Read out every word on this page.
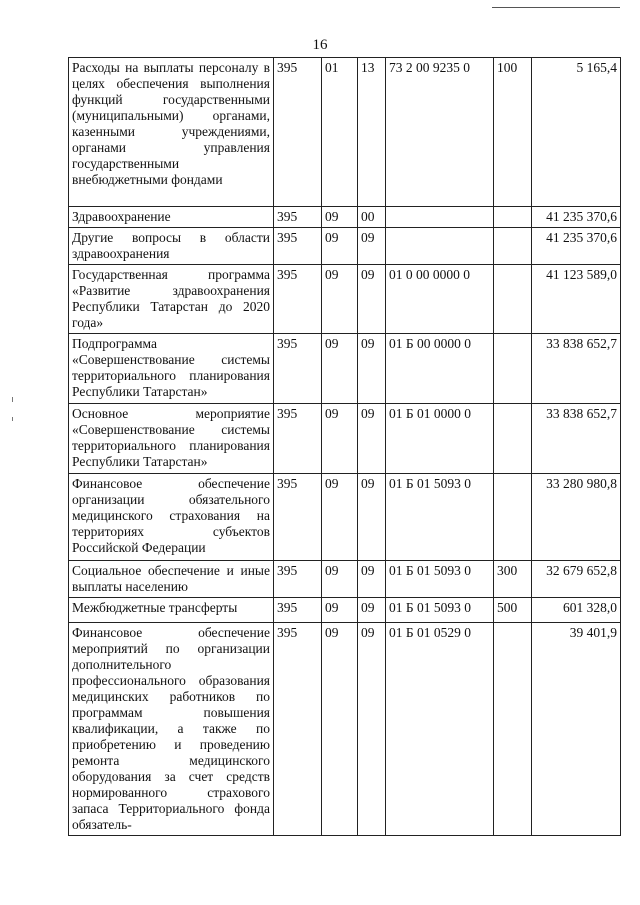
16
Расходы на выплаты персоналу в целях обеспечения выполнения функций государственными (муниципальными) органами, казенными учреждениями, органами управления государственными внебюджетными фондами	395	01	13	73 2 00 9235 0	100	5 165,4
Здравоохранение	395	09	00			41 235 370,6
Другие вопросы в области здравоохранения	395	09	09			41 235 370,6
Государственная программа «Развитие здравоохранения Республики Татарстан до 2020 года»	395	09	09	01 0 00 0000 0		41 123 589,0
Подпрограмма «Совершенствование системы территориального планирования Республики Татарстан»	395	09	09	01 Б 00 0000 0		33 838 652,7
Основное мероприятие «Совершенствование системы территориального планирования Республики Татарстан»	395	09	09	01 Б 01 0000 0		33 838 652,7
Финансовое обеспечение организации обязательного медицинского страхования на территориях субъектов Российской Федерации	395	09	09	01 Б 01 5093 0		33 280 980,8
Социальное обеспечение и иные выплаты населению	395	09	09	01 Б 01 5093 0	300	32 679 652,8
Межбюджетные трансферты	395	09	09	01 Б 01 5093 0	500	601 328,0
Финансовое обеспечение мероприятий по организации дополнительного профессионального образования медицинских работников по программам повышения квалификации, а также по приобретению и проведению ремонта медицинского оборудования за счет средств нормированного страхового запаса Территориального фонда обязатель-	395	09	09	01 Б 01 0529 0		39 401,9
